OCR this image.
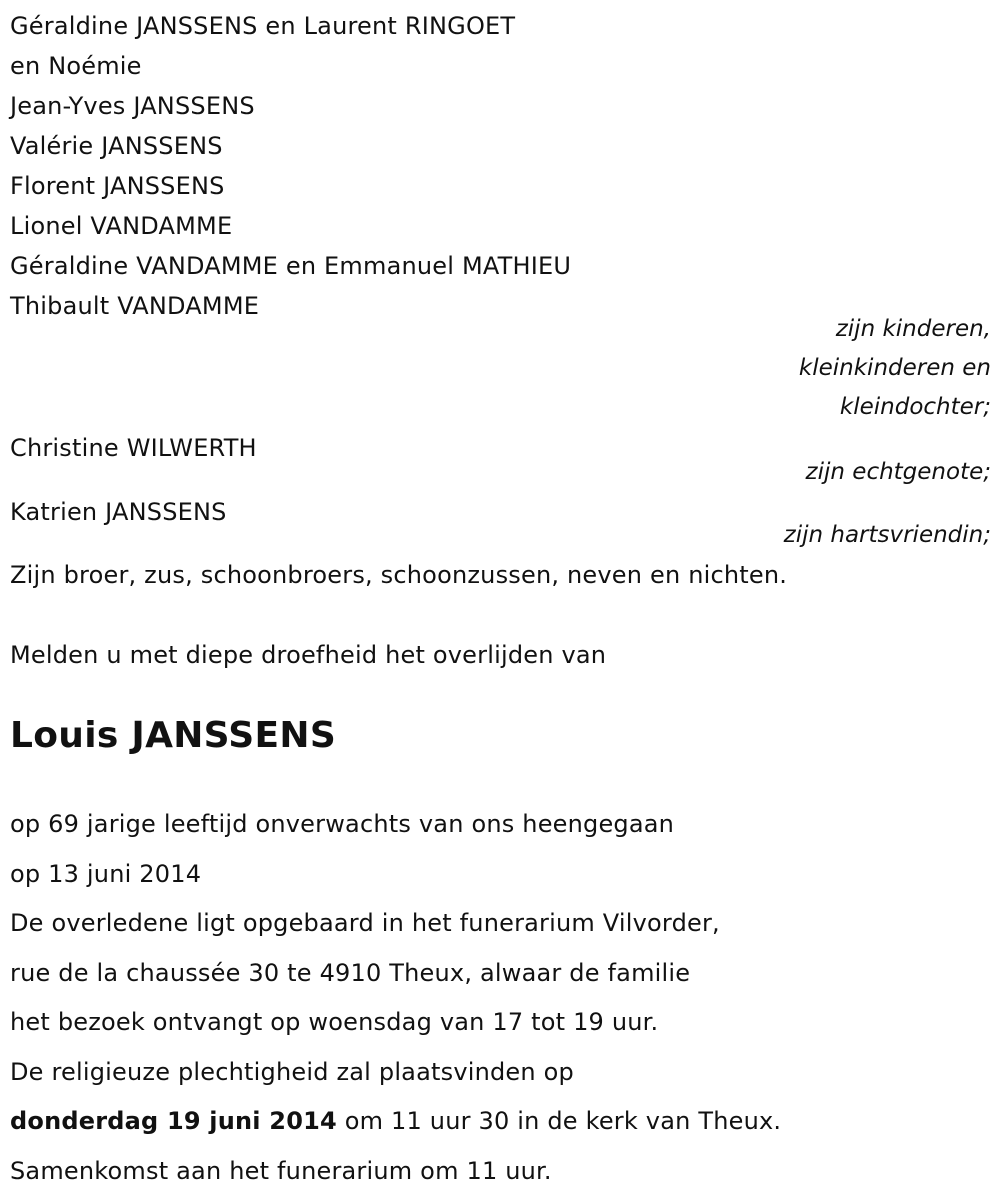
Géraldine JANSSENS en Laurent RINGOET
en Noémie
Jean-Yves JANSSENS
Valérie JANSSENS
Florent JANSSENS
Lionel VANDAMME
Géraldine VANDAMME en Emmanuel MATHIEU
Thibault VANDAMME
zijn kinderen,
kleinkinderen en
kleindochter;
Christine WILWERTH
zijn echtgenote;
Katrien JANSSENS
zijn hartsvriendin;
Zijn broer, zus, schoonbroers, schoonzussen, neven en nichten.
Melden u met diepe droefheid het overlijden van
Louis JANSSENS
op 69 jarige leeftijd onverwachts van ons heengegaan
op 13 juni 2014
De overledene ligt opgebaard in het funerarium Vilvorder,
rue de la chaussée 30 te 4910 Theux, alwaar de familie
het bezoek ontvangt op woensdag van 17 tot 19 uur.
De religieuze plechtigheid zal plaatsvinden op
donderdag 19 juni 2014 om 11 uur 30 in de kerk van Theux.
Samenkomst aan het funerarium om 11 uur.
